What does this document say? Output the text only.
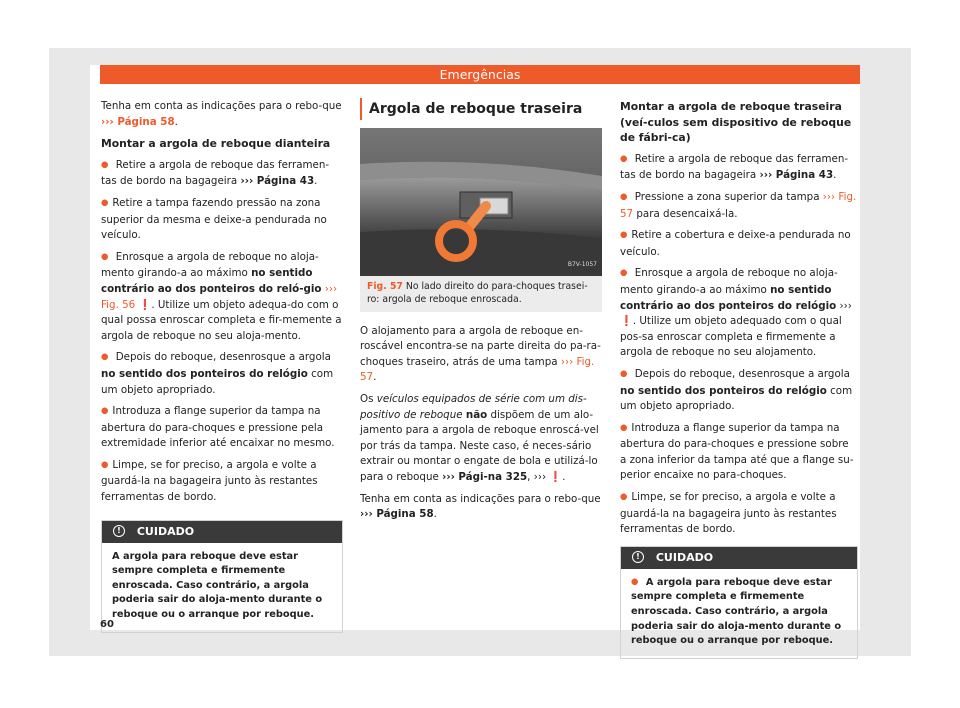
Emergências

Tenha em conta as indicações para o rebo-que ››› Página 58.

Montar a argola de reboque dianteira

● Retire a argola de reboque das ferramen-tas de bordo na bagageira ››› Página 43.

● Retire a tampa fazendo pressão na zona superior da mesma e deixe-a pendurada no veículo.

● Enrosque a argola de reboque no aloja-mento girando-a ao máximo no sentido contrário ao dos ponteiros do reló-gio ››› Fig. 56 ❗. Utilize um objeto adequa-do com o qual possa enroscar completa e fir-memente a argola de reboque no seu aloja-mento.

● Depois do reboque, desenrosque a argola no sentido dos ponteiros do relógio com um objeto apropriado.

● Introduza a flange superior da tampa na abertura do para-choques e pressione pela extremidade inferior até encaixar no mesmo.

● Limpe, se for preciso, a argola e volte a guardá-la na bagageira junto às restantes ferramentas de bordo.

! CUIDADO
A argola para reboque deve estar sempre completa e firmemente enroscada. Caso contrário, a argola poderia sair do aloja-mento durante o reboque ou o arranque por reboque.
Argola de reboque traseira
B7V-1057
Fig. 57 No lado direito do para-choques trasei-ro: argola de reboque enroscada.

O alojamento para a argola de reboque en-roscável encontra-se na parte direita do pa-ra-choques traseiro, atrás de uma tampa ››› Fig. 57.

Os veículos equipados de série com um dis-positivo de reboque não dispõem de um alo-jamento para a argola de reboque enroscá-vel por trás da tampa. Neste caso, é neces-sário extrair ou montar o engate de bola e utilizá-lo para o reboque ››› Pági-na 325, ››› ❗.

Tenha em conta as indicações para o rebo-que ››› Página 58.

Montar a argola de reboque traseira (veí-culos sem dispositivo de reboque de fábri-ca)

● Retire a argola de reboque das ferramen-tas de bordo na bagageira ››› Página 43.

● Pressione a zona superior da tampa ››› Fig. 57 para desencaixá-la.

● Retire a cobertura e deixe-a pendurada no veículo.

● Enrosque a argola de reboque no aloja-mento girando-a ao máximo no sentido contrário ao dos ponteiros do relógio ››› ❗. Utilize um objeto adequado com o qual pos-sa enroscar completa e firmemente a argola de reboque no seu alojamento.

● Depois do reboque, desenrosque a argola no sentido dos ponteiros do relógio com um objeto apropriado.

● Introduza a flange superior da tampa na abertura do para-choques e pressione sobre a zona inferior da tampa até que a flange su-perior encaixe no para-choques.

● Limpe, se for preciso, a argola e volte a guardá-la na bagageira junto às restantes ferramentas de bordo.

! CUIDADO
● A argola para reboque deve estar sempre completa e firmemente enroscada. Caso contrário, a argola poderia sair do aloja-mento durante o reboque ou o arranque por reboque.
60
